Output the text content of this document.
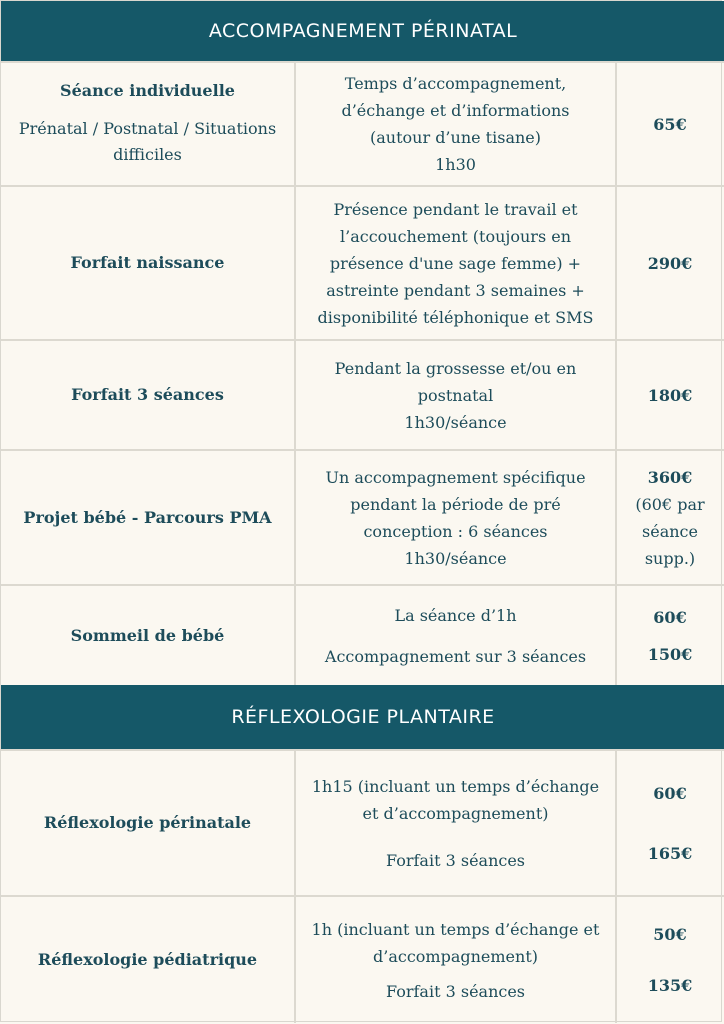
ACCOMPAGNEMENT PÉRINATAL
Séance individuelle
Prénatal / Postnatal / Situations difficiles
Temps d’accompagnement,
d’échange et d’informations
(autour d’une tisane)
1h30
65€
Forfait naissance
Présence pendant le travail et
l’accouchement (toujours en
présence d'une sage femme) +
astreinte pendant 3 semaines +
disponibilité téléphonique et SMS
290€
Forfait 3 séances
Pendant la grossesse et/ou en
postnatal
1h30/séance
180€
Projet bébé - Parcours PMA
Un accompagnement spécifique
pendant la période de pré
conception : 6 séances
1h30/séance
360€
(60€ par
séance
supp.)
Sommeil de bébé
La séance d’1h
Accompagnement sur 3 séances
60€
150€
RÉFLEXOLOGIE PLANTAIRE
Réflexologie périnatale
1h15 (incluant un temps d’échange
et d’accompagnement)
Forfait 3 séances
60€
165€
Réflexologie pédiatrique
1h (incluant un temps d’échange et
d’accompagnement)
Forfait 3 séances
50€
135€
